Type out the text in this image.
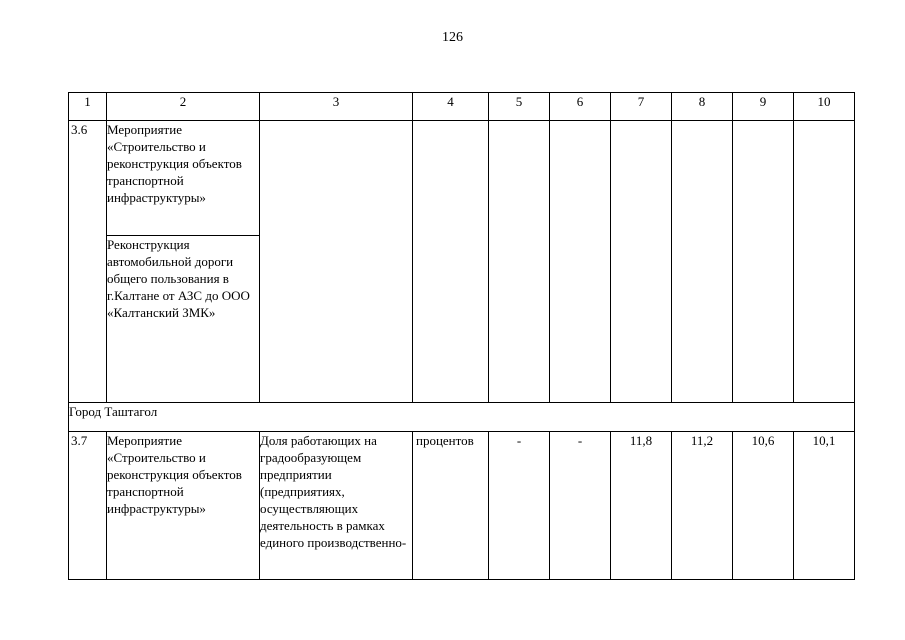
126
1	2	3	4	5	6	7	8	9	10
3.6	Мероприятие «Строительство и реконструкция объектов транспортной инфраструктуры»								
	Реконструкция автомобильной дороги общего пользования в г.Калтане от АЗС до ООО «Калтанский ЗМК»								
Город Таштагол									
3.7	Мероприятие «Строительство и реконструкция объектов транспортной инфраструктуры»	Доля работающих на градообразующем предприятии (предприятиях, осуществляющих деятельность в рамках единого производственно-	процентов	-	-	11,8	11,2	10,6	10,1
